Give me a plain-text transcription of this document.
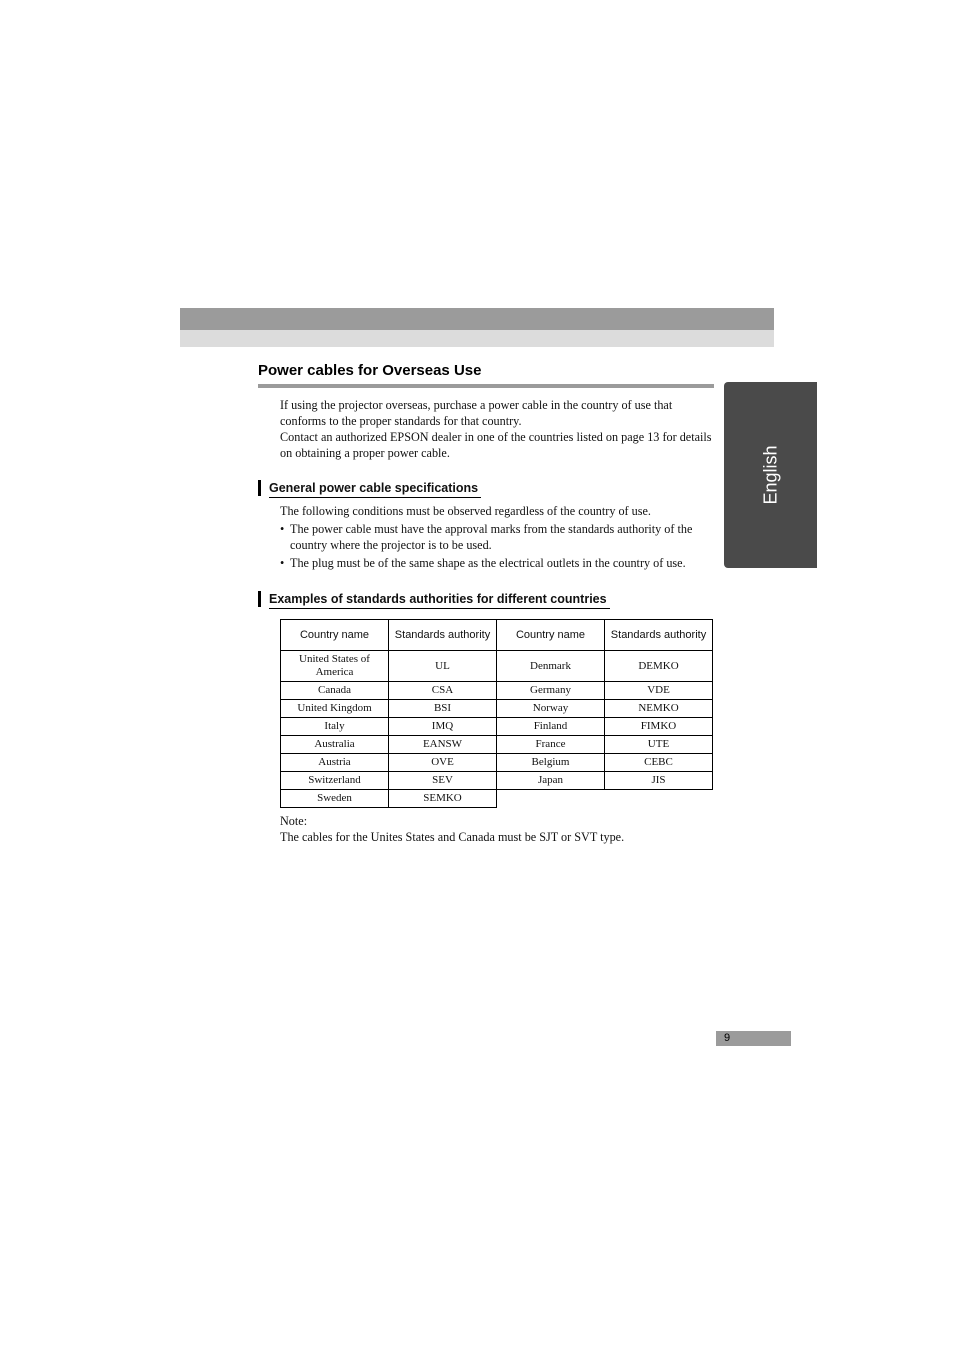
English
Power cables for Overseas Use

If using the projector overseas, purchase a power cable in the country of use that conforms to the proper standards for that country.

Contact an authorized EPSON dealer in one of the countries listed on page 13 for details on obtaining a proper power cable.

General power cable specifications

The following conditions must be observed regardless of the country of use.

• The power cable must have the approval marks from the standards authority of the country where the projector is to be used.
• The plug must be of the same shape as the electrical outlets in the country of use.
Examples of standards authorities for different countries
Country name	Standards authority	Country name	Standards authority
United States of America	UL	Denmark	DEMKO
Canada	CSA	Germany	VDE
United Kingdom	BSI	Norway	NEMKO
Italy	IMQ	Finland	FIMKO
Australia	EANSW	France	UTE
Austria	OVE	Belgium	CEBC
Switzerland	SEV	Japan	JIS
Sweden	SEMKO		
Note:
The cables for the Unites States and Canada must be SJT or SVT type.
9
